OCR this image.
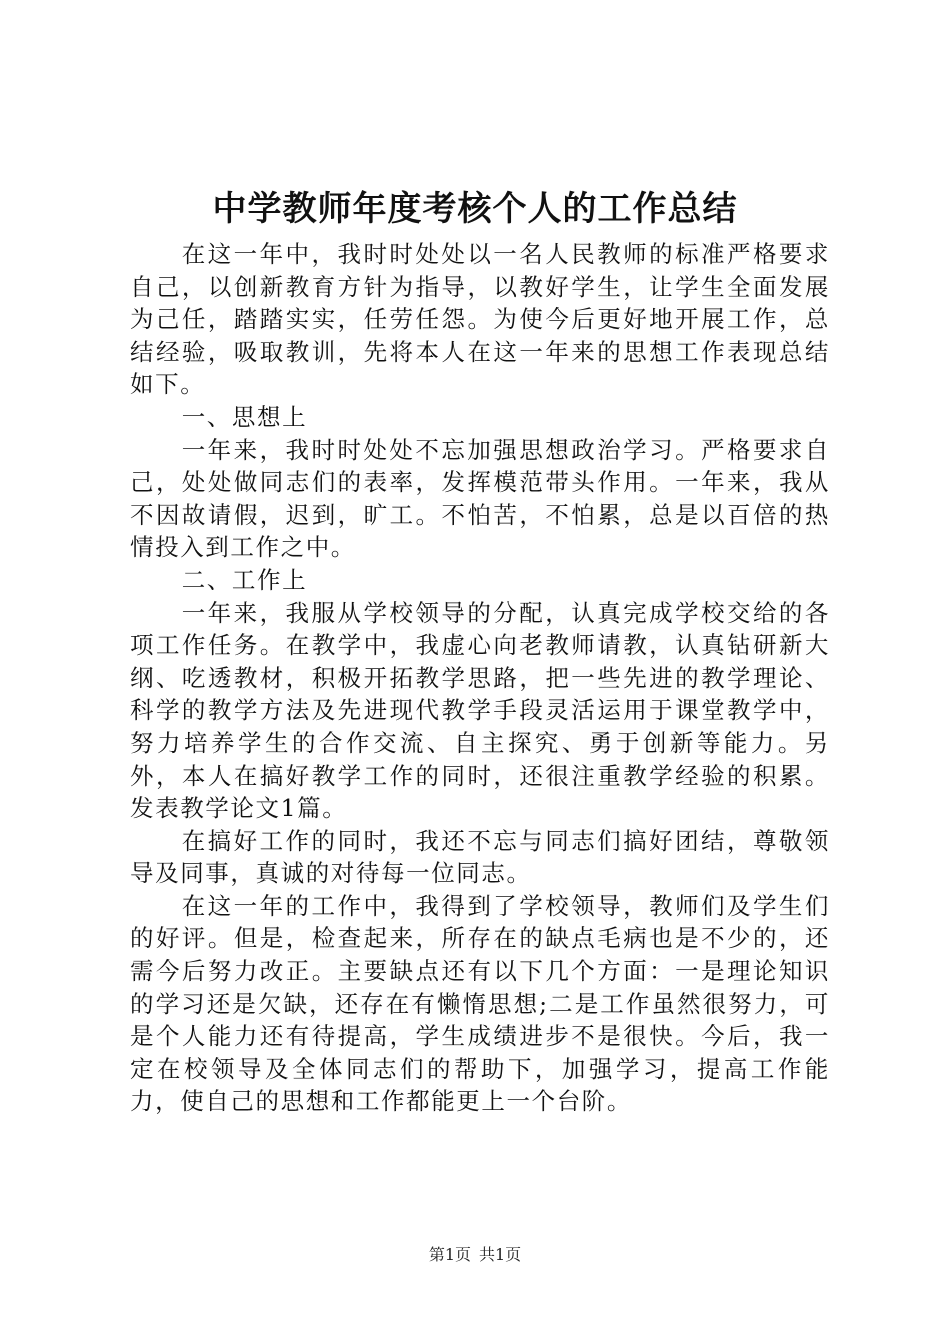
中学教师年度考核个人的工作总结

在这一年中，我时时处处以一名人民教师的标准严格要求自己，以创新教育方针为指导，以教好学生，让学生全面发展为己任，踏踏实实，任劳任怨。为使今后更好地开展工作，总结经验，吸取教训，先将本人在这一年来的思想工作表现总结如下。

一、思想上

一年来，我时时处处不忘加强思想政治学习。严格要求自己，处处做同志们的表率，发挥模范带头作用。一年来，我从不因故请假，迟到，旷工。不怕苦，不怕累，总是以百倍的热情投入到工作之中。

二、工作上

一年来，我服从学校领导的分配，认真完成学校交给的各项工作任务。在教学中，我虚心向老教师请教，认真钻研新大纲、吃透教材，积极开拓教学思路，把一些先进的教学理论、科学的教学方法及先进现代教学手段灵活运用于课堂教学中，努力培养学生的合作交流、自主探究、勇于创新等能力。另外，本人在搞好教学工作的同时，还很注重教学经验的积累。发表教学论文1篇。

在搞好工作的同时，我还不忘与同志们搞好团结，尊敬领导及同事，真诚的对待每一位同志。

在这一年的工作中，我得到了学校领导，教师们及学生们的好评。但是，检查起来，所存在的缺点毛病也是不少的，还需今后努力改正。主要缺点还有以下几个方面：一是理论知识的学习还是欠缺，还存在有懒惰思想;二是工作虽然很努力，可是个人能力还有待提高，学生成绩进步不是很快。今后，我一定在校领导及全体同志们的帮助下，加强学习，提高工作能力，使自己的思想和工作都能更上一个台阶。

第1页 共1页
